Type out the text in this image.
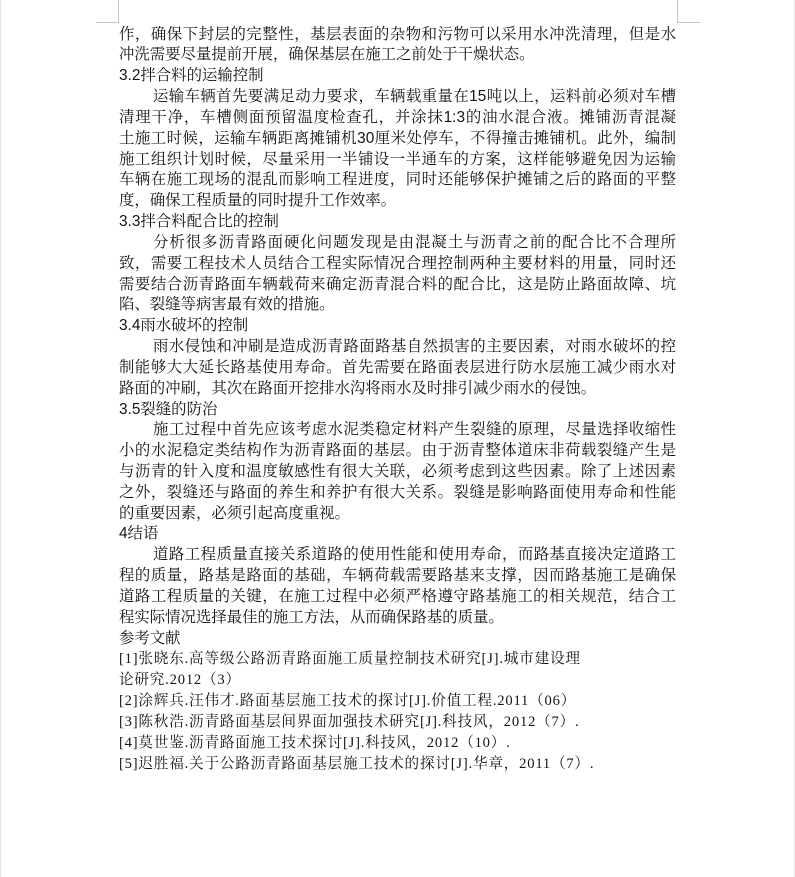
作，确保下封层的完整性，基层表面的杂物和污物可以采用水冲洗清理，但是水
冲洗需要尽量提前开展，确保基层在施工之前处于干燥状态。
3.2拌合料的运输控制
运输车辆首先要满足动力要求，车辆载重量在15吨以上，运料前必须对车槽
清理干净，车槽侧面预留温度检查孔，并涂抹1:3的油水混合液。摊铺沥青混凝
土施工时候，运输车辆距离摊铺机30厘米处停车，不得撞击摊铺机。此外，编制
施工组织计划时候，尽量采用一半铺设一半通车的方案，这样能够避免因为运输
车辆在施工现场的混乱而影响工程进度，同时还能够保护摊铺之后的路面的平整
度，确保工程质量的同时提升工作效率。
3.3拌合料配合比的控制
分析很多沥青路面硬化问题发现是由混凝土与沥青之前的配合比不合理所
致，需要工程技术人员结合工程实际情况合理控制两种主要材料的用量，同时还
需要结合沥青路面车辆载荷来确定沥青混合料的配合比，这是防止路面故障、坑
陷、裂缝等病害最有效的措施。
3.4雨水破坏的控制
雨水侵蚀和冲刷是造成沥青路面路基自然损害的主要因素，对雨水破坏的控
制能够大大延长路基使用寿命。首先需要在路面表层进行防水层施工减少雨水对
路面的冲刷，其次在路面开挖排水沟将雨水及时排引减少雨水的侵蚀。
3.5裂缝的防治
施工过程中首先应该考虑水泥类稳定材料产生裂缝的原理，尽量选择收缩性
小的水泥稳定类结构作为沥青路面的基层。由于沥青整体道床非荷载裂缝产生是
与沥青的针入度和温度敏感性有很大关联，必须考虑到这些因素。除了上述因素
之外，裂缝还与路面的养生和养护有很大关系。裂缝是影响路面使用寿命和性能
的重要因素，必须引起高度重视。
4结语
道路工程质量直接关系道路的使用性能和使用寿命，而路基直接决定道路工
程的质量，路基是路面的基础，车辆荷载需要路基来支撑，因而路基施工是确保
道路工程质量的关键，在施工过程中必须严格遵守路基施工的相关规范，结合工
程实际情况选择最佳的施工方法，从而确保路基的质量。
参考文献
[1]张晓东.高等级公路沥青路面施工质量控制技术研究[J].城市建设理
论研究.2012（3）
[2]涂辉兵.汪伟才.路面基层施工技术的探讨[J].价值工程.2011（06）
[3]陈秋浩.沥青路面基层间界面加强技术研究[J].科技风，2012（7）.
[4]莫世鉴.沥青路面施工技术探讨[J].科技风，2012（10）.
[5]迟胜福.关于公路沥青路面基层施工技术的探讨[J].华章，2011（7）.
